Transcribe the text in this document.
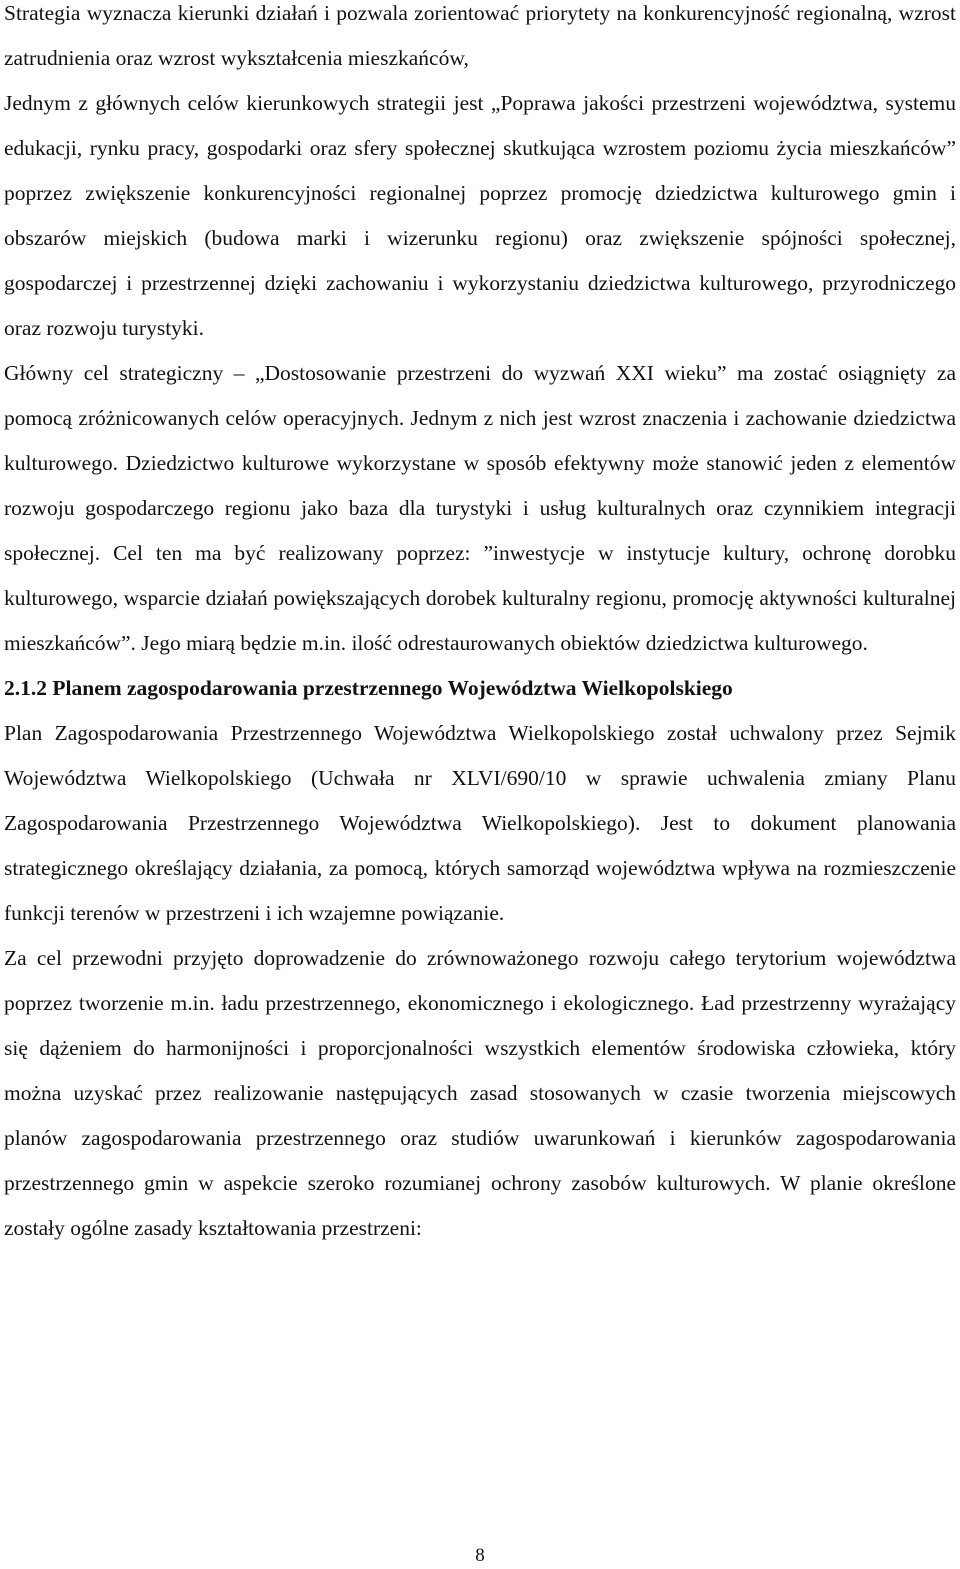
Strategia wyznacza kierunki działań i pozwala zorientować priorytety na konkurencyjność regionalną, wzrost zatrudnienia oraz wzrost wykształcenia mieszkańców,

Jednym z głównych celów kierunkowych strategii jest „Poprawa jakości przestrzeni województwa, systemu edukacji, rynku pracy, gospodarki oraz sfery społecznej skutkująca wzrostem poziomu życia mieszkańców” poprzez zwiększenie konkurencyjności regionalnej poprzez promocję dziedzictwa kulturowego gmin i obszarów miejskich (budowa marki i wizerunku regionu) oraz zwiększenie spójności społecznej, gospodarczej i przestrzennej dzięki zachowaniu i wykorzystaniu dziedzictwa kulturowego, przyrodniczego oraz rozwoju turystyki.

Główny cel strategiczny – „Dostosowanie przestrzeni do wyzwań XXI wieku” ma zostać osiągnięty za pomocą zróżnicowanych celów operacyjnych. Jednym z nich jest wzrost znaczenia i zachowanie dziedzictwa kulturowego. Dziedzictwo kulturowe wykorzystane w sposób efektywny może stanowić jeden z elementów rozwoju gospodarczego regionu jako baza dla turystyki i usług kulturalnych oraz czynnikiem integracji społecznej. Cel ten ma być realizowany poprzez: ”inwestycje w instytucje kultury, ochronę dorobku kulturowego, wsparcie działań powiększających dorobek kulturalny regionu, promocję aktywności kulturalnej mieszkańców”. Jego miarą będzie m.in. ilość odrestaurowanych obiektów dziedzictwa kulturowego.

2.1.2 Planem zagospodarowania przestrzennego Województwa Wielkopolskiego

Plan Zagospodarowania Przestrzennego Województwa Wielkopolskiego został uchwalony przez Sejmik Województwa Wielkopolskiego (Uchwała nr XLVI/690/10 w sprawie uchwalenia zmiany Planu Zagospodarowania Przestrzennego Województwa Wielkopolskiego). Jest to dokument planowania strategicznego określający działania, za pomocą, których samorząd województwa wpływa na rozmieszczenie funkcji terenów w przestrzeni i ich wzajemne powiązanie.

Za cel przewodni przyjęto doprowadzenie do zrównoważonego rozwoju całego terytorium województwa poprzez tworzenie m.in. ładu przestrzennego, ekonomicznego i ekologicznego. Ład przestrzenny wyrażający się dążeniem do harmonijności i proporcjonalności wszystkich elementów środowiska człowieka, który można uzyskać przez realizowanie następujących zasad stosowanych w czasie tworzenia miejscowych planów zagospodarowania przestrzennego oraz studiów uwarunkowań i kierunków zagospodarowania przestrzennego gmin w aspekcie szeroko rozumianej ochrony zasobów kulturowych. W planie określone zostały ogólne zasady kształtowania przestrzeni:

8
